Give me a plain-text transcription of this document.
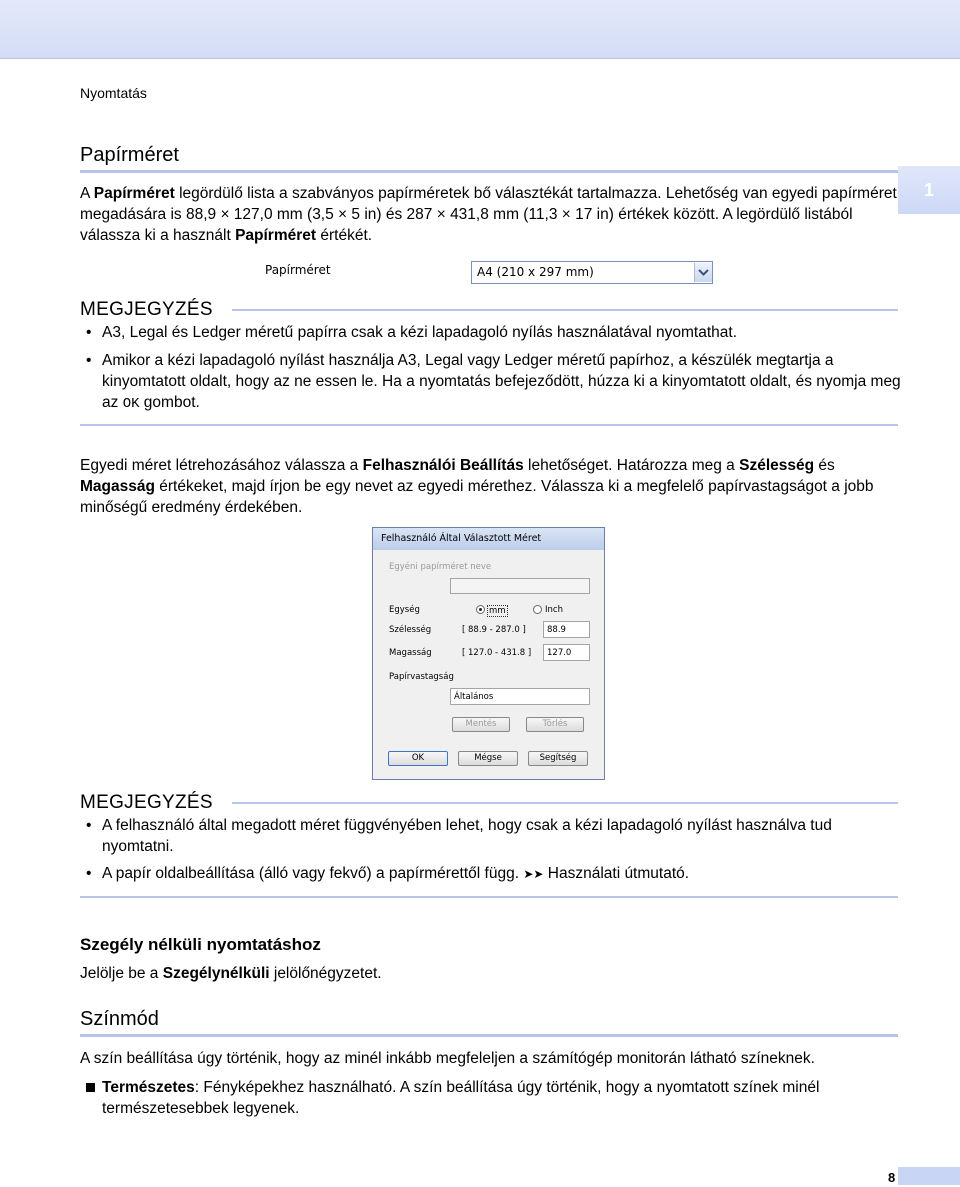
Nyomtatás
1
Papírméret
A Papírméret legördülő lista a szabványos papírméretek bő választékát tartalmazza. Lehetőség van egyedi papírméret megadására is 88,9 × 127,0 mm (3,5 × 5 in) és 287 × 431,8 mm (11,3 × 17 in) értékek között. A legördülő listából válassza ki a használt Papírméret értékét.
Papírméret	A4 (210 x 297 mm)
MEGJEGYZÉS
• A3, Legal és Ledger méretű papírra csak a kézi lapadagoló nyílás használatával nyomtathat.
• Amikor a kézi lapadagoló nyílást használja A3, Legal vagy Ledger méretű papírhoz, a készülék megtartja a kinyomtatott oldalt, hogy az ne essen le. Ha a nyomtatás befejeződött, húzza ki a kinyomtatott oldalt, és nyomja meg az OK gombot.
Egyedi méret létrehozásához válassza a Felhasználói Beállítás lehetőséget. Határozza meg a Szélesség és Magasság értékeket, majd írjon be egy nevet az egyedi mérethez. Válassza ki a megfelelő papírvastagságot a jobb minőségű eredmény érdekében.
Felhasználó Által Választott Méret
Egyéni papírméret neve
Egység	mm	Inch
Szélesség	[ 88.9 - 287.0 ]	88.9
Magasság	[ 127.0 - 431.8 ]	127.0
Papírvastagság
Általános
Mentés	Törlés
OK	Mégse	Segítség
MEGJEGYZÉS
• A felhasználó által megadott méret függvényében lehet, hogy csak a kézi lapadagoló nyílást használva tud nyomtatni.
• A papír oldalbeállítása (álló vagy fekvő) a papírmérettől függ. ➤➤ Használati útmutató.
Szegély nélküli nyomtatáshoz
Jelölje be a Szegélynélküli jelölőnégyzetet.
Színmód
A szín beállítása úgy történik, hogy az minél inkább megfeleljen a számítógép monitorán látható színeknek.
Természetes: Fényképekhez használható. A szín beállítása úgy történik, hogy a nyomtatott színek minél természetesebbek legyenek.
8
